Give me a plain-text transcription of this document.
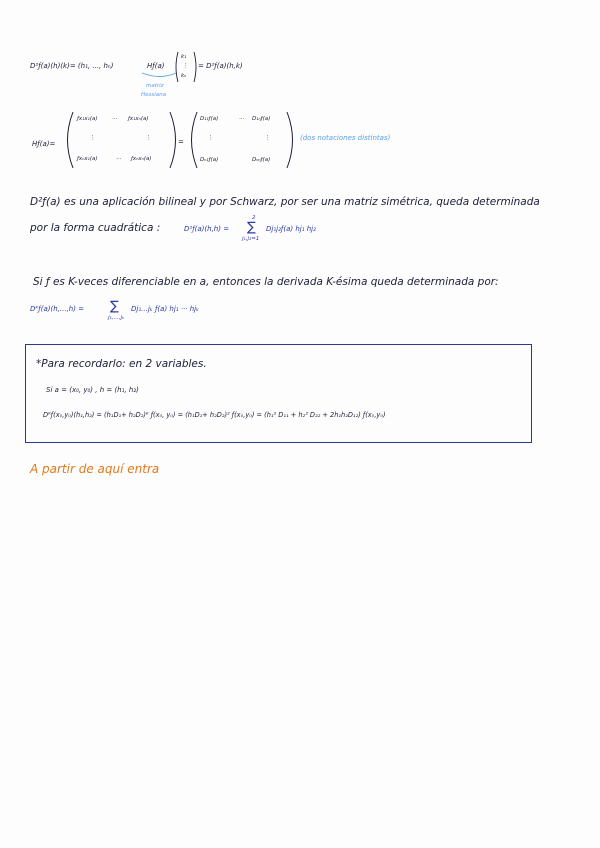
D²ƒ(a)(h)(k)= (h₁, ..., hₙ)	Hƒ(a)
k₁
⋮
kₙ
= D²ƒ(a)(h,k)
matriz
Hessiana
Hƒ(a)=
ƒx₁x₁(a)	··· ƒx₁xₙ(a)
⋮	⋮
ƒxₙx₁(a)	··· ƒxₙxₙ(a)
=
D₁₁ƒ(a)	··· D₁ₙƒ(a)
⋮	⋮
Dₙ₁ƒ(a)	Dₙₙƒ(a)
(dos notaciones distintas)
D²ƒ(a) es una aplicación bilineal y por Schwarz, por ser una matriz simétrica, queda determinada
por la forma cuadrática :	D²ƒ(a)(h,h) =
2
∑
j₁,j₂=1
Dj₁j₂ƒ(a) hj₁ hj₂
Si ƒ es K-veces diferenciable en a, entonces la derivada K-ésima queda determinada por:
Dᴷƒ(a)(h,...,h) = ∑
j₁,...,jₖ
Dj₁...jₖ ƒ(a) hj₁ ··· hjₖ
*Para recordarlo: en 2 variables.
Si a = (x₀, y₀) , h = (h₁, h₂)
Dᴷƒ(x₀,y₀)(h₁,h₂) = (h₁D₁+ h₂D₂)ᴷ ƒ(x₀, y₀) = (h₁D₁+ h₂D₂)² ƒ(x₀,y₀) = (h₁² D₁₁ + h₂² D₂₂ + 2h₁h₂D₁₂) ƒ(x₀,y₀)
A partir de aquí entra
